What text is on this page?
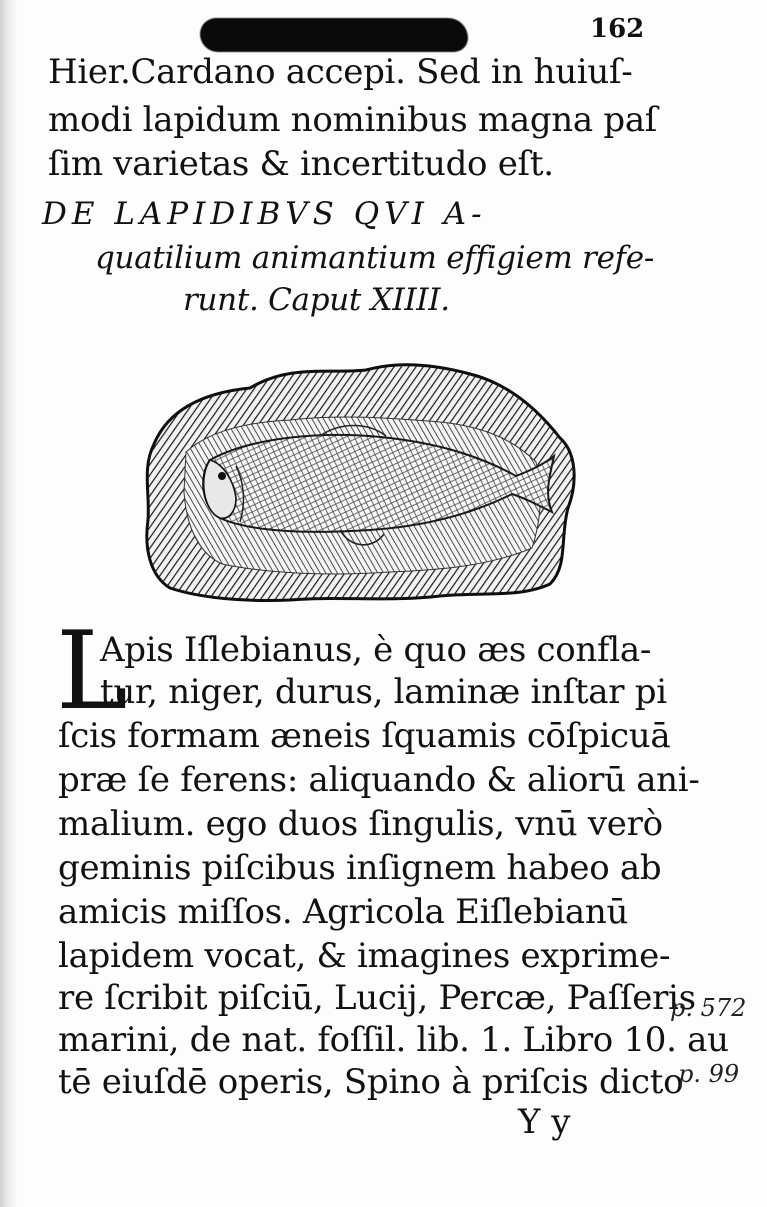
162
Hier.Cardano accepi. Sed in huiuſ-
modi lapidum nominibus magna paſ
ſim varietas & incertitudo eſt.
DE LAPIDIBVS QVI A-
quatilium animantium effigiem refe-
runt. Caput XIIII.
L
Apis Iſlebianus, è quo æs confla-
tur, niger, durus, laminæ inſtar pi
ſcis formam æneis ſquamis cōſpicuā
præ ſe ferens: aliquando & aliorū ani-
malium. ego duos ſingulis, vnū verò
geminis piſcibus inſignem habeo ab
amicis miſſos. Agricola Eiſlebianū
lapidem vocat, & imagines exprime-
re ſcribit piſciū, Lucij, Percæ, Paſſeris
marini, de nat. foſſil. lib. 1. Libro 10. au
tē eiuſdē operis, Spino à priſcis dicto
Y y
p. 572
p. 99
